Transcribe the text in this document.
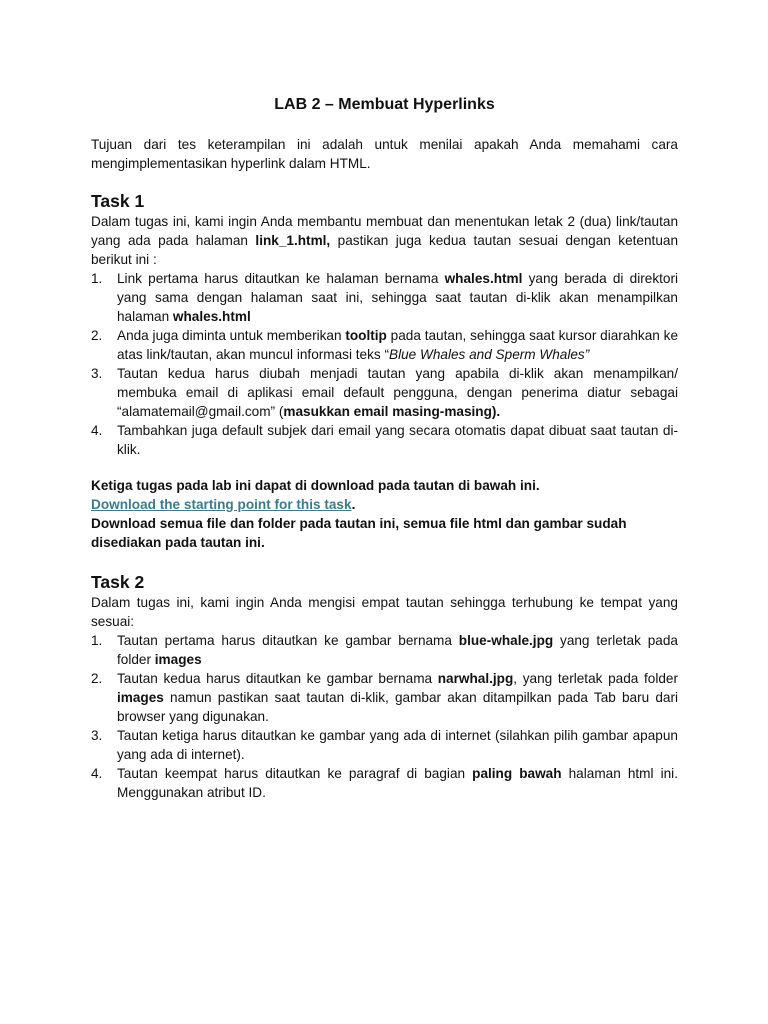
LAB 2 – Membuat Hyperlinks

Tujuan dari tes keterampilan ini adalah untuk menilai apakah Anda memahami cara mengimplementasikan hyperlink dalam HTML.

Task 1

Dalam tugas ini, kami ingin Anda membantu membuat dan menentukan letak 2 (dua) link/tautan yang ada pada halaman link_1.html, pastikan juga kedua tautan sesuai dengan ketentuan berikut ini :

1. Link pertama harus ditautkan ke halaman bernama whales.html yang berada di direktori yang sama dengan halaman saat ini, sehingga saat tautan di-klik akan menampilkan halaman whales.html
2. Anda juga diminta untuk memberikan tooltip pada tautan, sehingga saat kursor diarahkan ke atas link/tautan, akan muncul informasi teks “Blue Whales and Sperm Whales”
3. Tautan kedua harus diubah menjadi tautan yang apabila di-klik akan menampilkan/ membuka email di aplikasi email default pengguna, dengan penerima diatur sebagai “alamatemail@gmail.com” (masukkan email masing-masing).
4. Tambahkan juga default subjek dari email yang secara otomatis dapat dibuat saat tautan di-klik.

Ketiga tugas pada lab ini dapat di download pada tautan di bawah ini.

Download the starting point for this task.

Download semua file dan folder pada tautan ini, semua file html dan gambar sudah disediakan pada tautan ini.

Task 2

Dalam tugas ini, kami ingin Anda mengisi empat tautan sehingga terhubung ke tempat yang sesuai:

1. Tautan pertama harus ditautkan ke gambar bernama blue-whale.jpg yang terletak pada folder images
2. Tautan kedua harus ditautkan ke gambar bernama narwhal.jpg, yang terletak pada folder images namun pastikan saat tautan di-klik, gambar akan ditampilkan pada Tab baru dari browser yang digunakan.
3. Tautan ketiga harus ditautkan ke gambar yang ada di internet (silahkan pilih gambar apapun yang ada di internet).
4. Tautan keempat harus ditautkan ke paragraf di bagian paling bawah halaman html ini. Menggunakan atribut ID.
